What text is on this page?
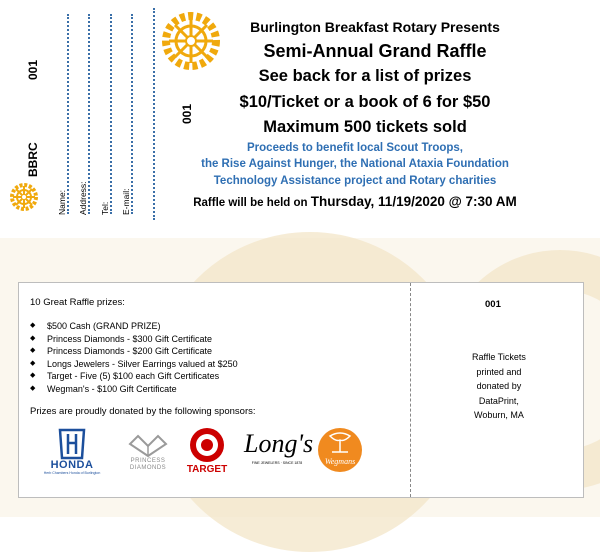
001
BBRC
Name: Address: Tel: E-mail:
001
Burlington Breakfast Rotary Presents
Semi-Annual Grand Raffle
See back for a list of prizes
$10/Ticket or a book of 6 for $50
Maximum 500 tickets sold
Proceeds to benefit local Scout Troops,
the Rise Against Hunger, the National Ataxia Foundation
Technology Assistance project and Rotary charities
Raffle will be held on Thursday, 11/19/2020 @ 7:30 AM
10 Great Raffle prizes:
◆ $500 Cash (GRAND PRIZE)
◆ Princess Diamonds - $300 Gift Certificate
◆ Princess Diamonds - $200 Gift Certificate
◆ Longs Jewelers - Silver Earrings valued at $250
◆ Target - Five (5) $100 each Gift Certificates
◆ Wegman's - $100 Gift Certificate
Prizes are proudly donated by the following sponsors:
HONDA
Herb Chambers Honda of Burlington
PRINCESS
DIAMONDS	TARGET
Long's
FINE JEWELERS · SINCE 1878	Wegmans
001
Raffle Tickets
printed and
donated by
DataPrint,
Woburn, MA
